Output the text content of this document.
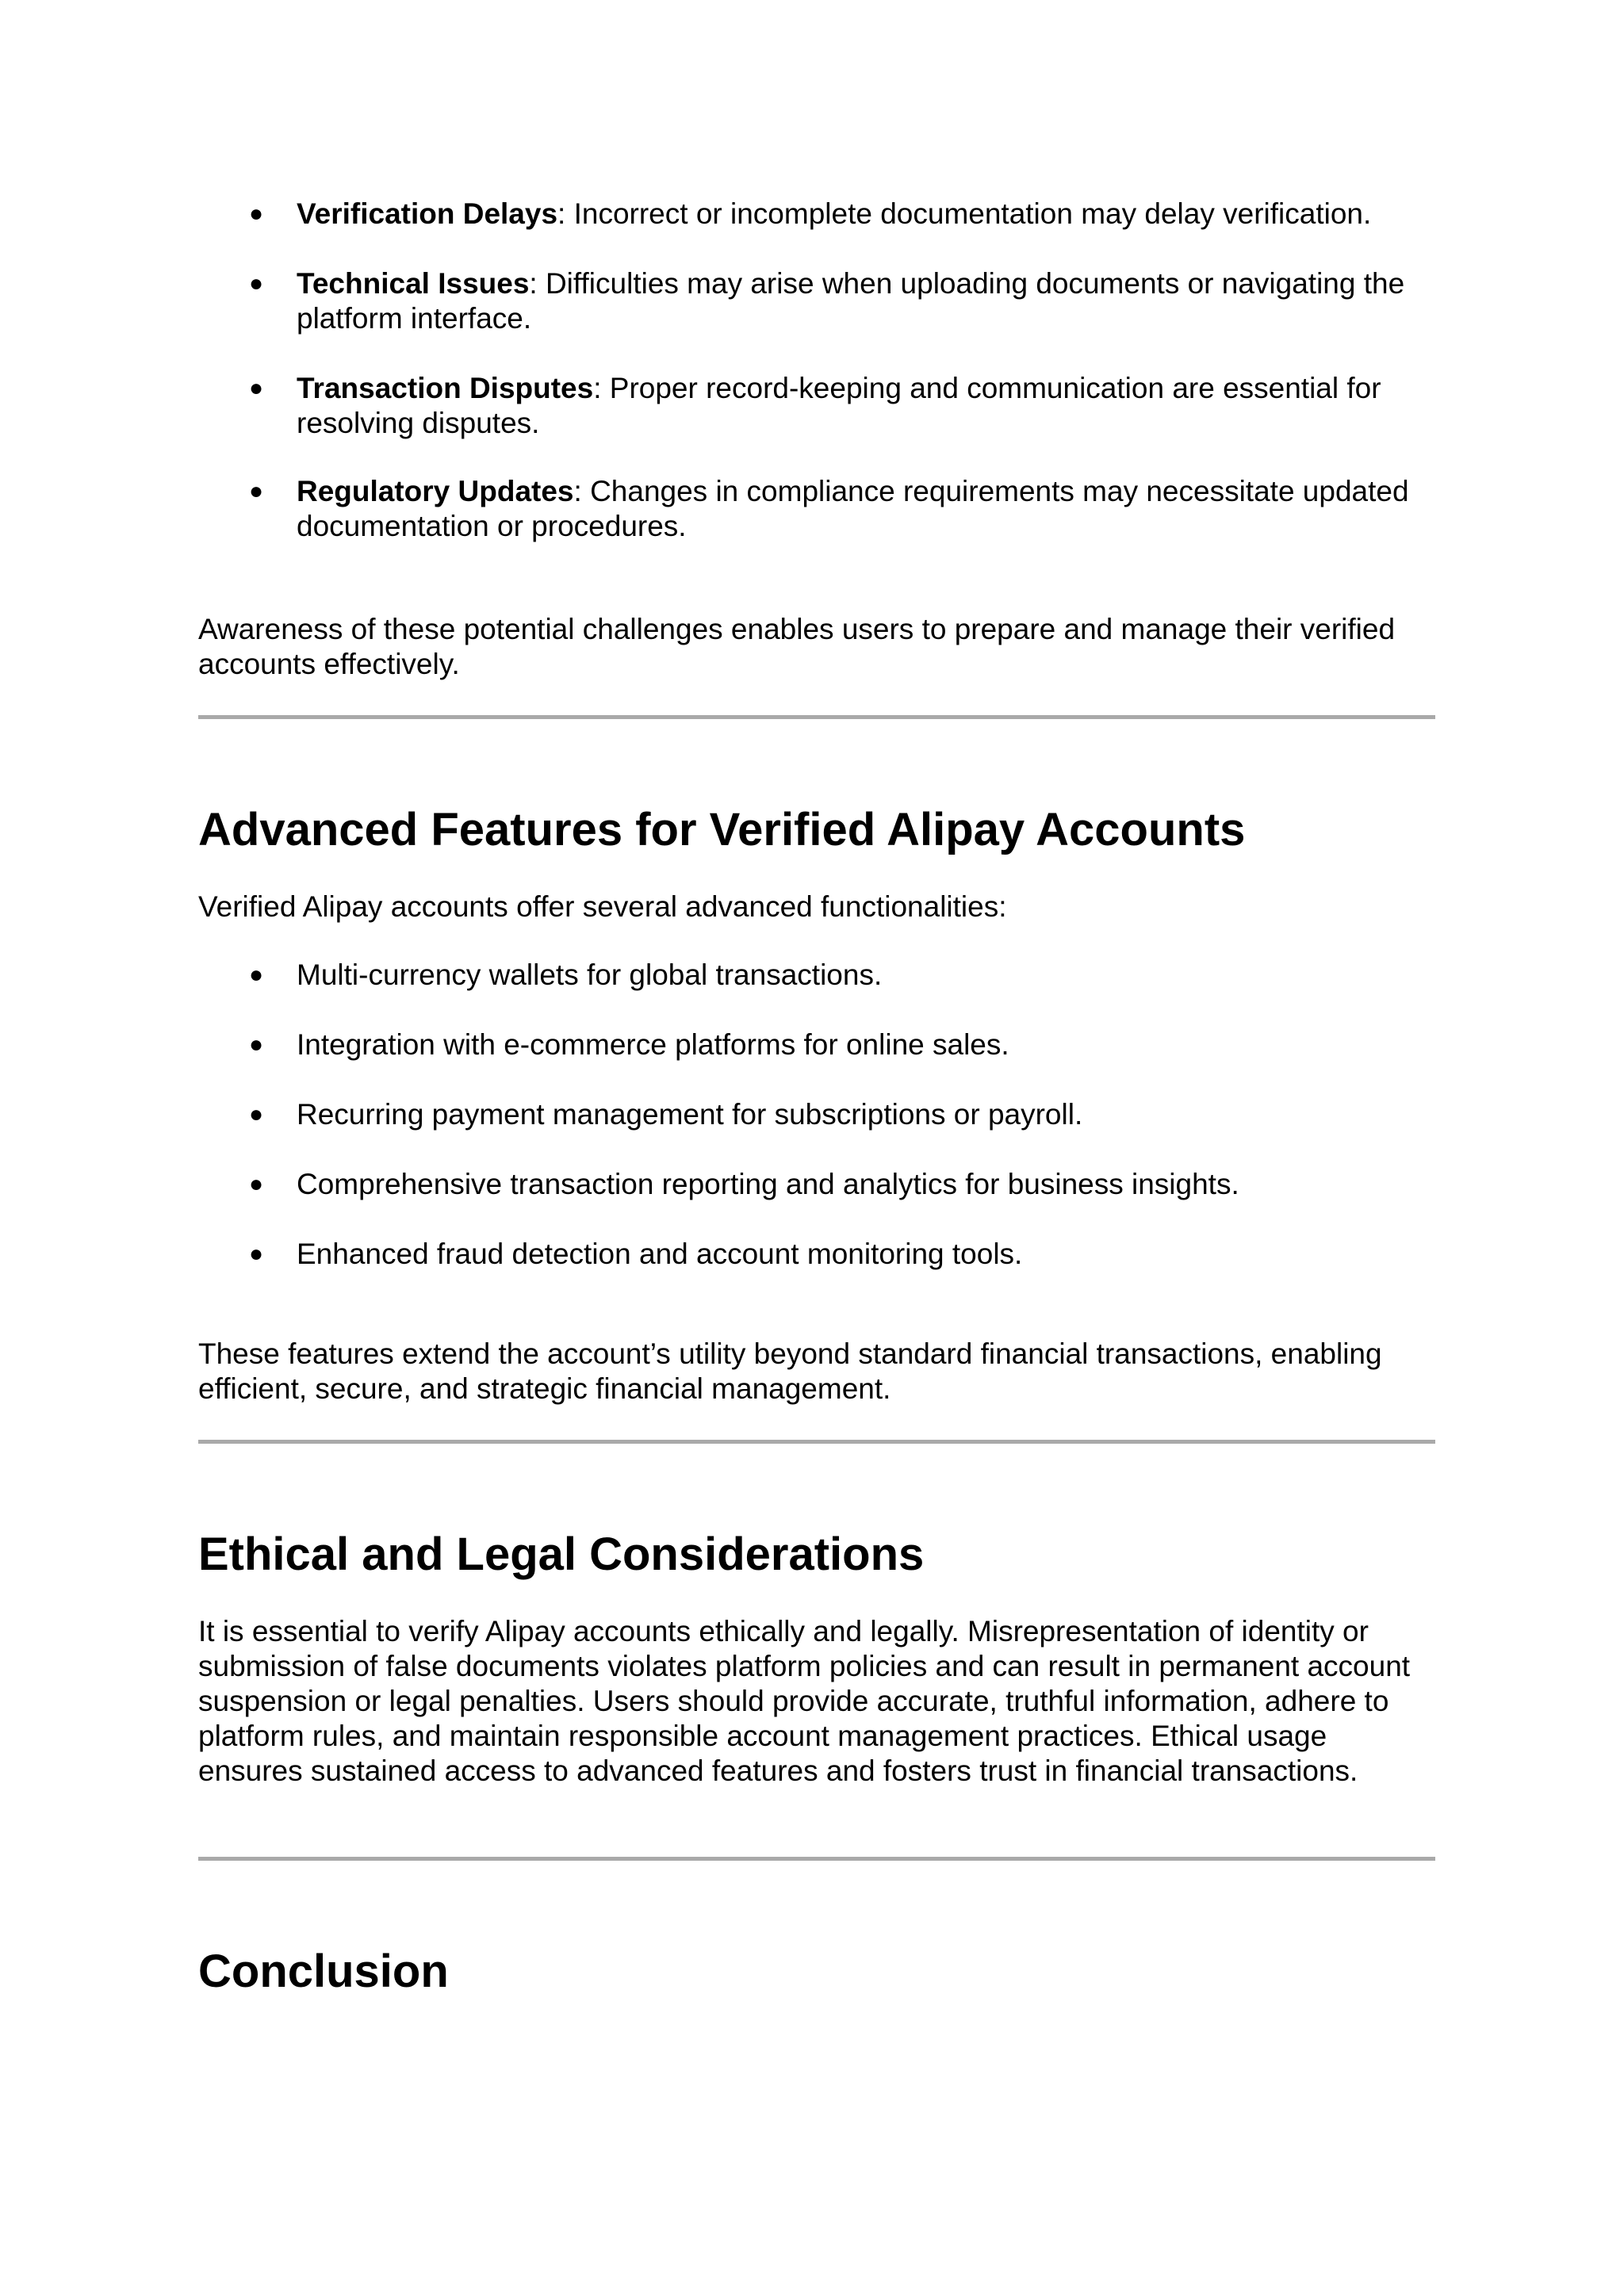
● Verification Delays: Incorrect or incomplete documentation may delay verification.
● Technical Issues: Difficulties may arise when uploading documents or navigating the platform interface.
● Transaction Disputes: Proper record-keeping and communication are essential for resolving disputes.
● Regulatory Updates: Changes in compliance requirements may necessitate updated documentation or procedures.

Awareness of these potential challenges enables users to prepare and manage their verified accounts effectively.

Advanced Features for Verified Alipay Accounts

Verified Alipay accounts offer several advanced functionalities:

● Multi-currency wallets for global transactions.
● Integration with e-commerce platforms for online sales.
● Recurring payment management for subscriptions or payroll.
● Comprehensive transaction reporting and analytics for business insights.
● Enhanced fraud detection and account monitoring tools.

These features extend the account’s utility beyond standard financial transactions, enabling efficient, secure, and strategic financial management.

Ethical and Legal Considerations

It is essential to verify Alipay accounts ethically and legally. Misrepresentation of identity or submission of false documents violates platform policies and can result in permanent account suspension or legal penalties. Users should provide accurate, truthful information, adhere to platform rules, and maintain responsible account management practices. Ethical usage ensures sustained access to advanced features and fosters trust in financial transactions.

Conclusion
